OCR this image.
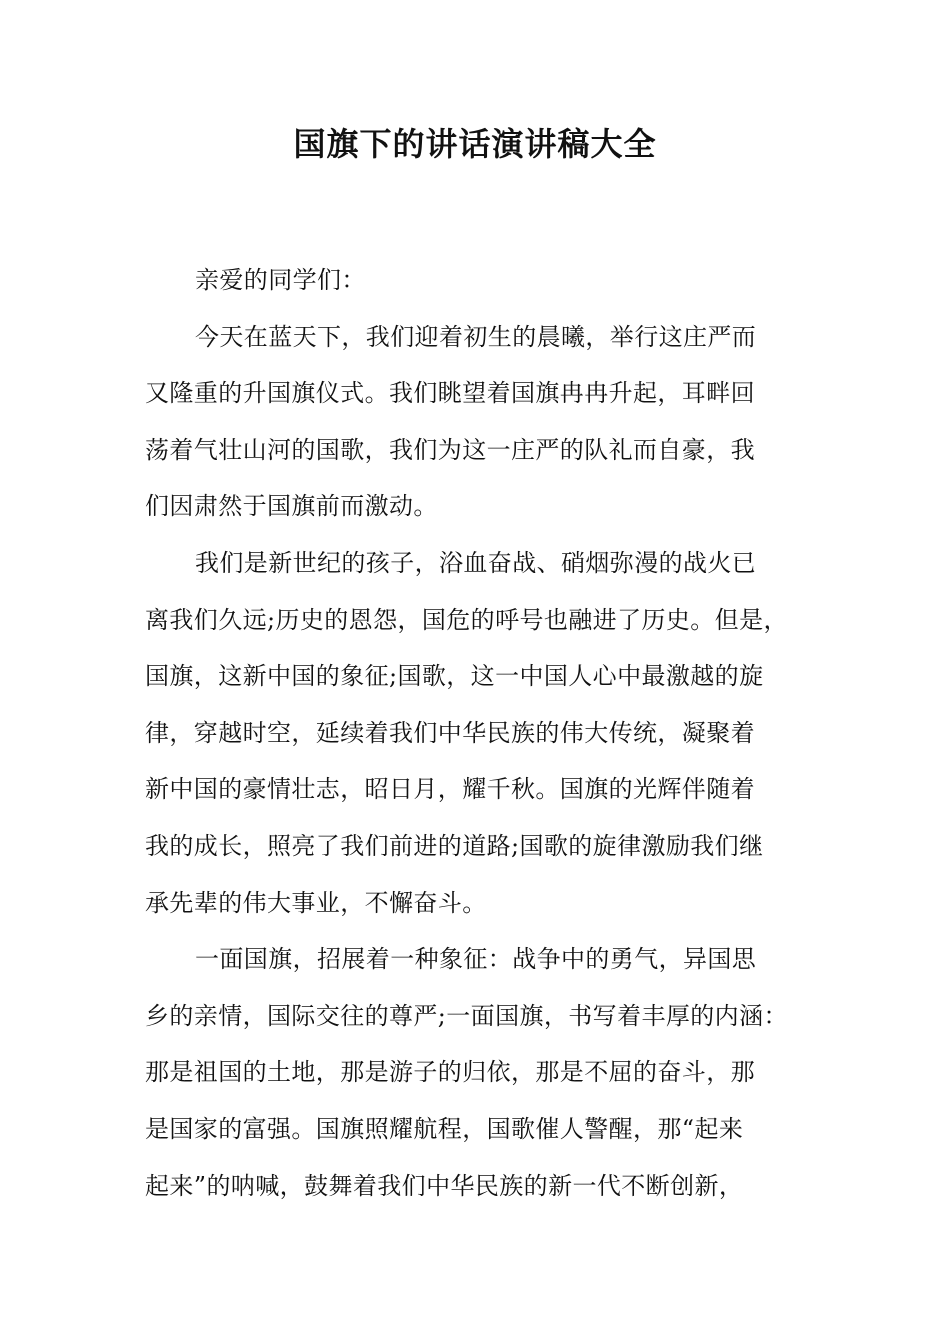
国旗下的讲话演讲稿大全
亲爱的同学们：
今天在蓝天下，我们迎着初生的晨曦，举行这庄严而
又隆重的升国旗仪式。我们眺望着国旗冉冉升起，耳畔回
荡着气壮山河的国歌，我们为这一庄严的队礼而自豪，我
们因肃然于国旗前而激动。
我们是新世纪的孩子，浴血奋战、硝烟弥漫的战火已
离我们久远;历史的恩怨，国危的呼号也融进了历史。但是，
国旗，这新中国的象征;国歌，这一中国人心中最激越的旋
律，穿越时空，延续着我们中华民族的伟大传统，凝聚着
新中国的豪情壮志，昭日月，耀千秋。国旗的光辉伴随着
我的成长，照亮了我们前进的道路;国歌的旋律激励我们继
承先辈的伟大事业，不懈奋斗。
一面国旗，招展着一种象征：战争中的勇气，异国思
乡的亲情，国际交往的尊严;一面国旗，书写着丰厚的内涵：
那是祖国的土地，那是游子的归依，那是不屈的奋斗，那
是国家的富强。国旗照耀航程，国歌催人警醒，那“起来
起来”的呐喊，鼓舞着我们中华民族的新一代不断创新，
